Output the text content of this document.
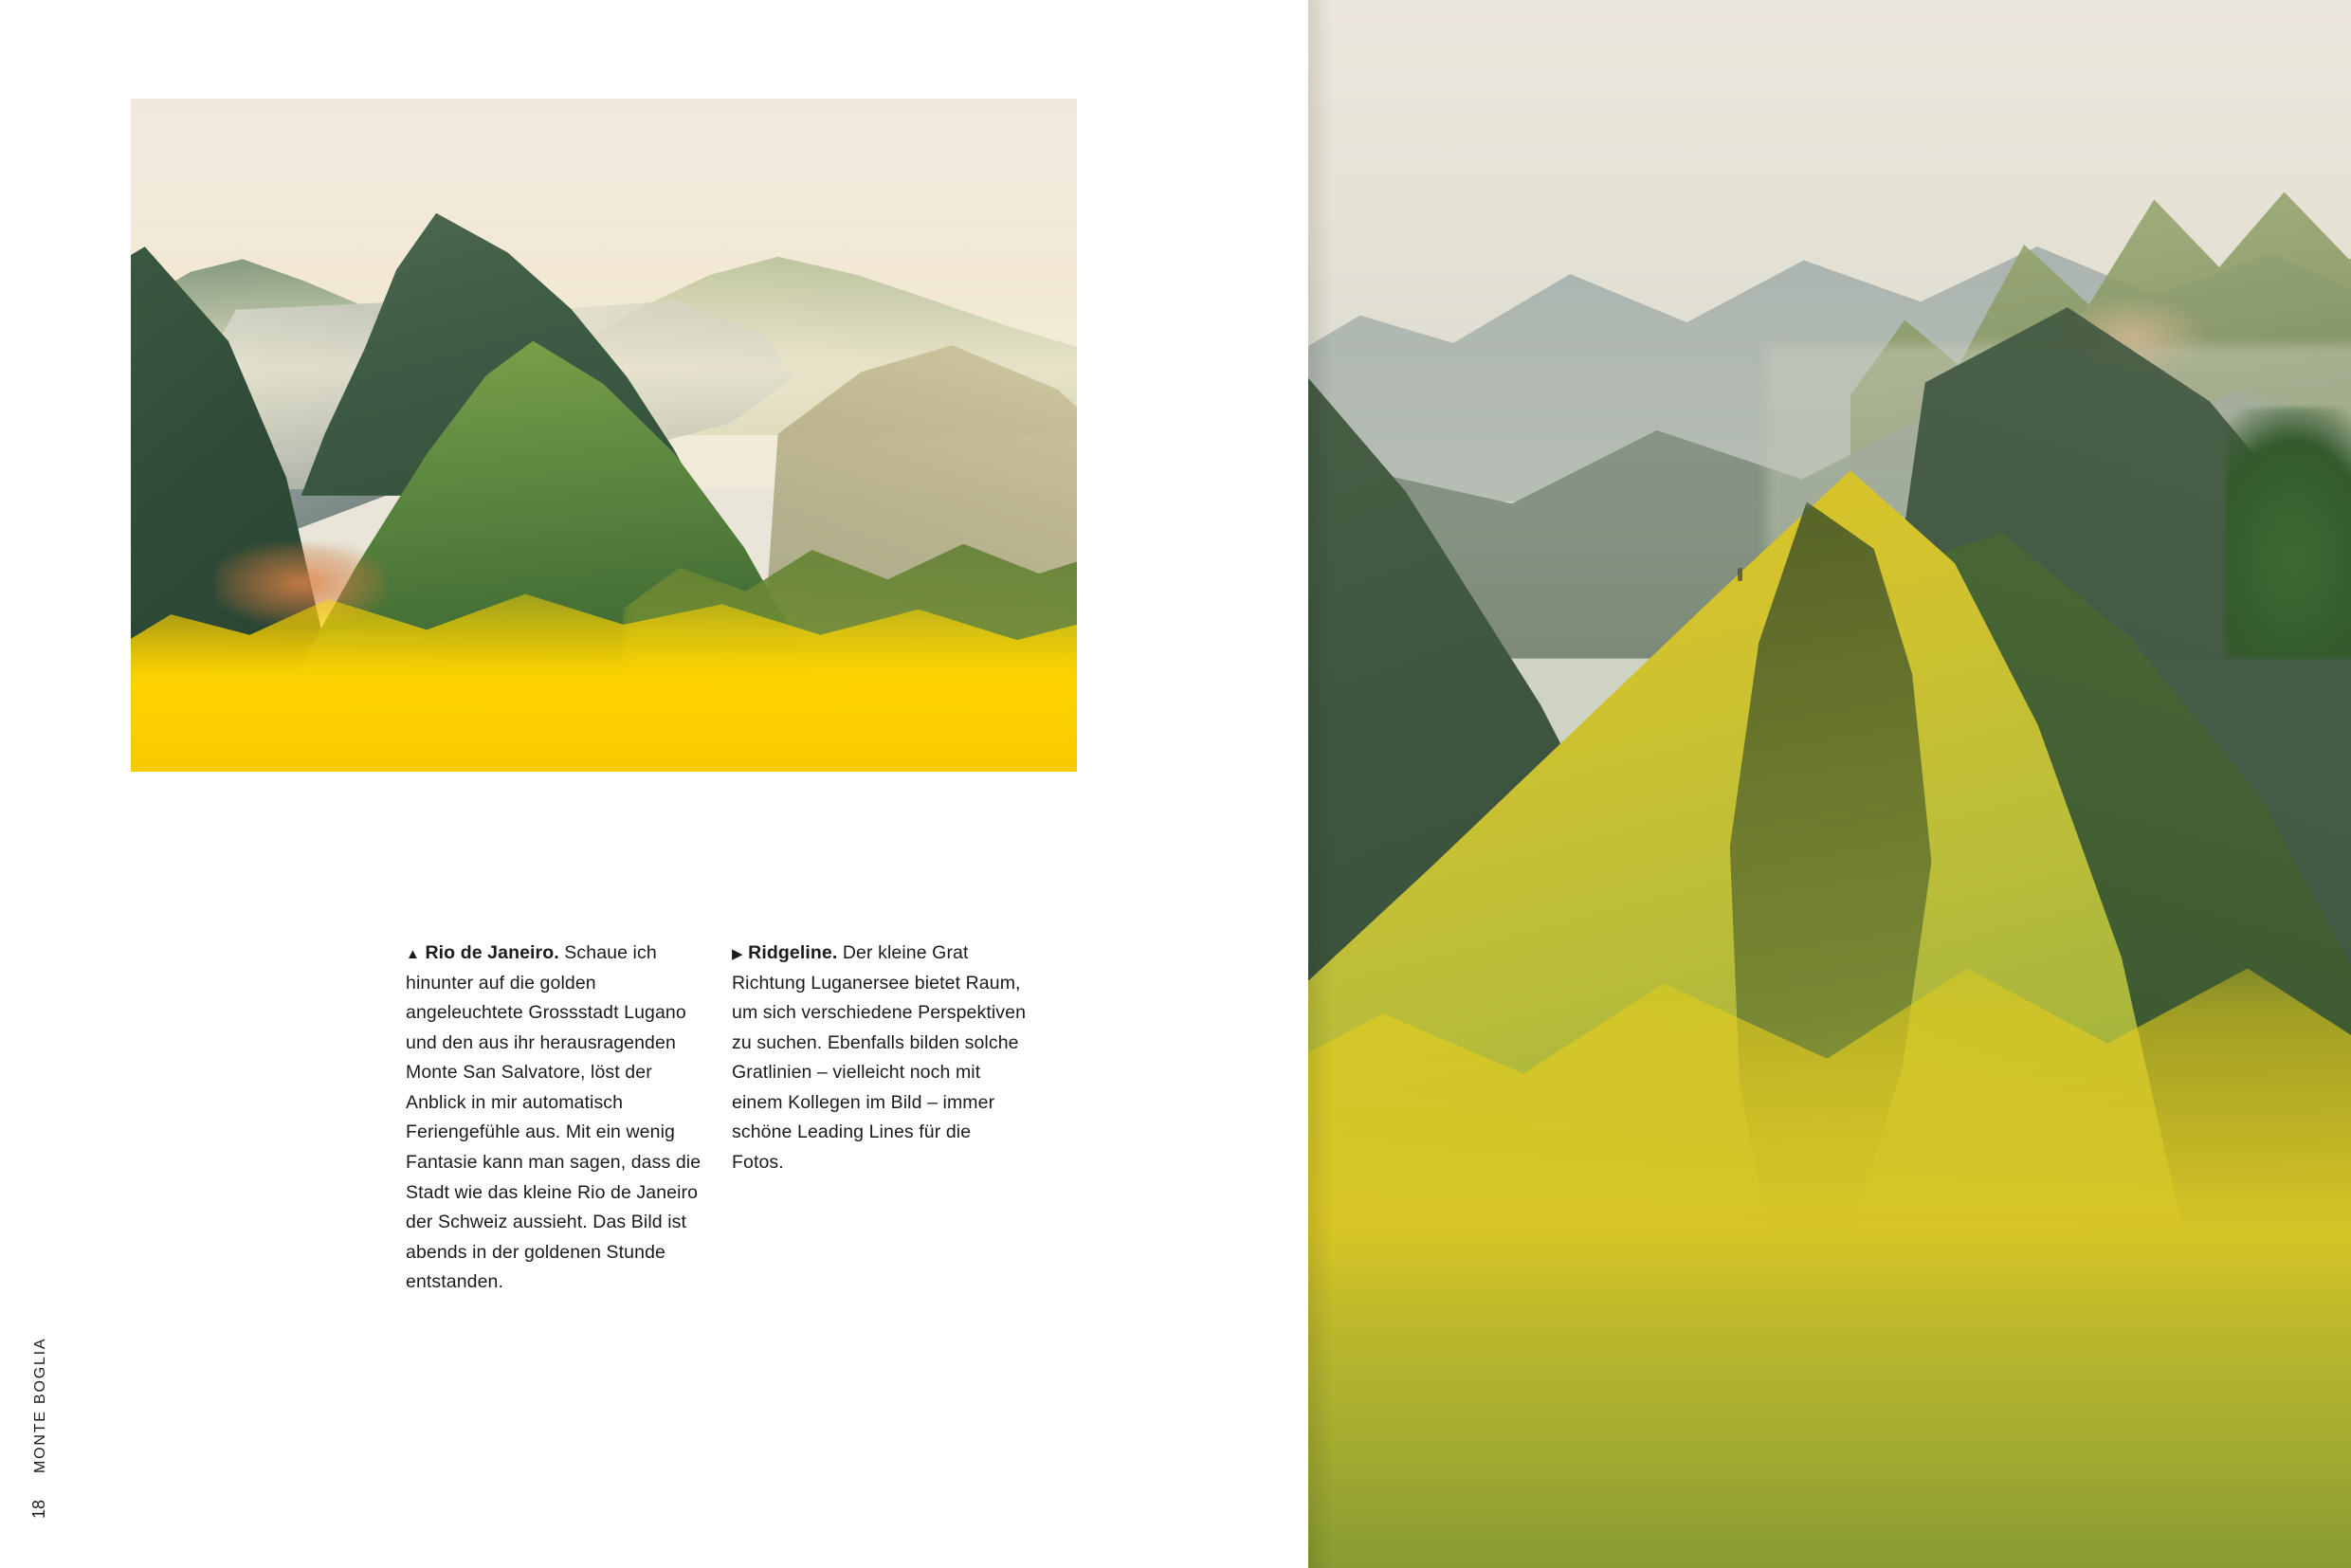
▲ Rio de Janeiro. Schaue ich hinunter auf die golden angeleuchtete Grossstadt Lugano und den aus ihr herausragenden Monte San Salvatore, löst der Anblick in mir automatisch Feriengefühle aus. Mit ein wenig Fantasie kann man sagen, dass die Stadt wie das kleine Rio de Janeiro der Schweiz aussieht. Das Bild ist abends in der goldenen Stunde entstanden.
▶ Ridgeline. Der kleine Grat Richtung Luganersee bietet Raum, um sich verschiedene Perspektiven zu suchen. Ebenfalls bilden solche Gratlinien – vielleicht noch mit einem Kollegen im Bild – immer schöne Leading Lines für die Fotos.
MONTE BOGLIA
18
